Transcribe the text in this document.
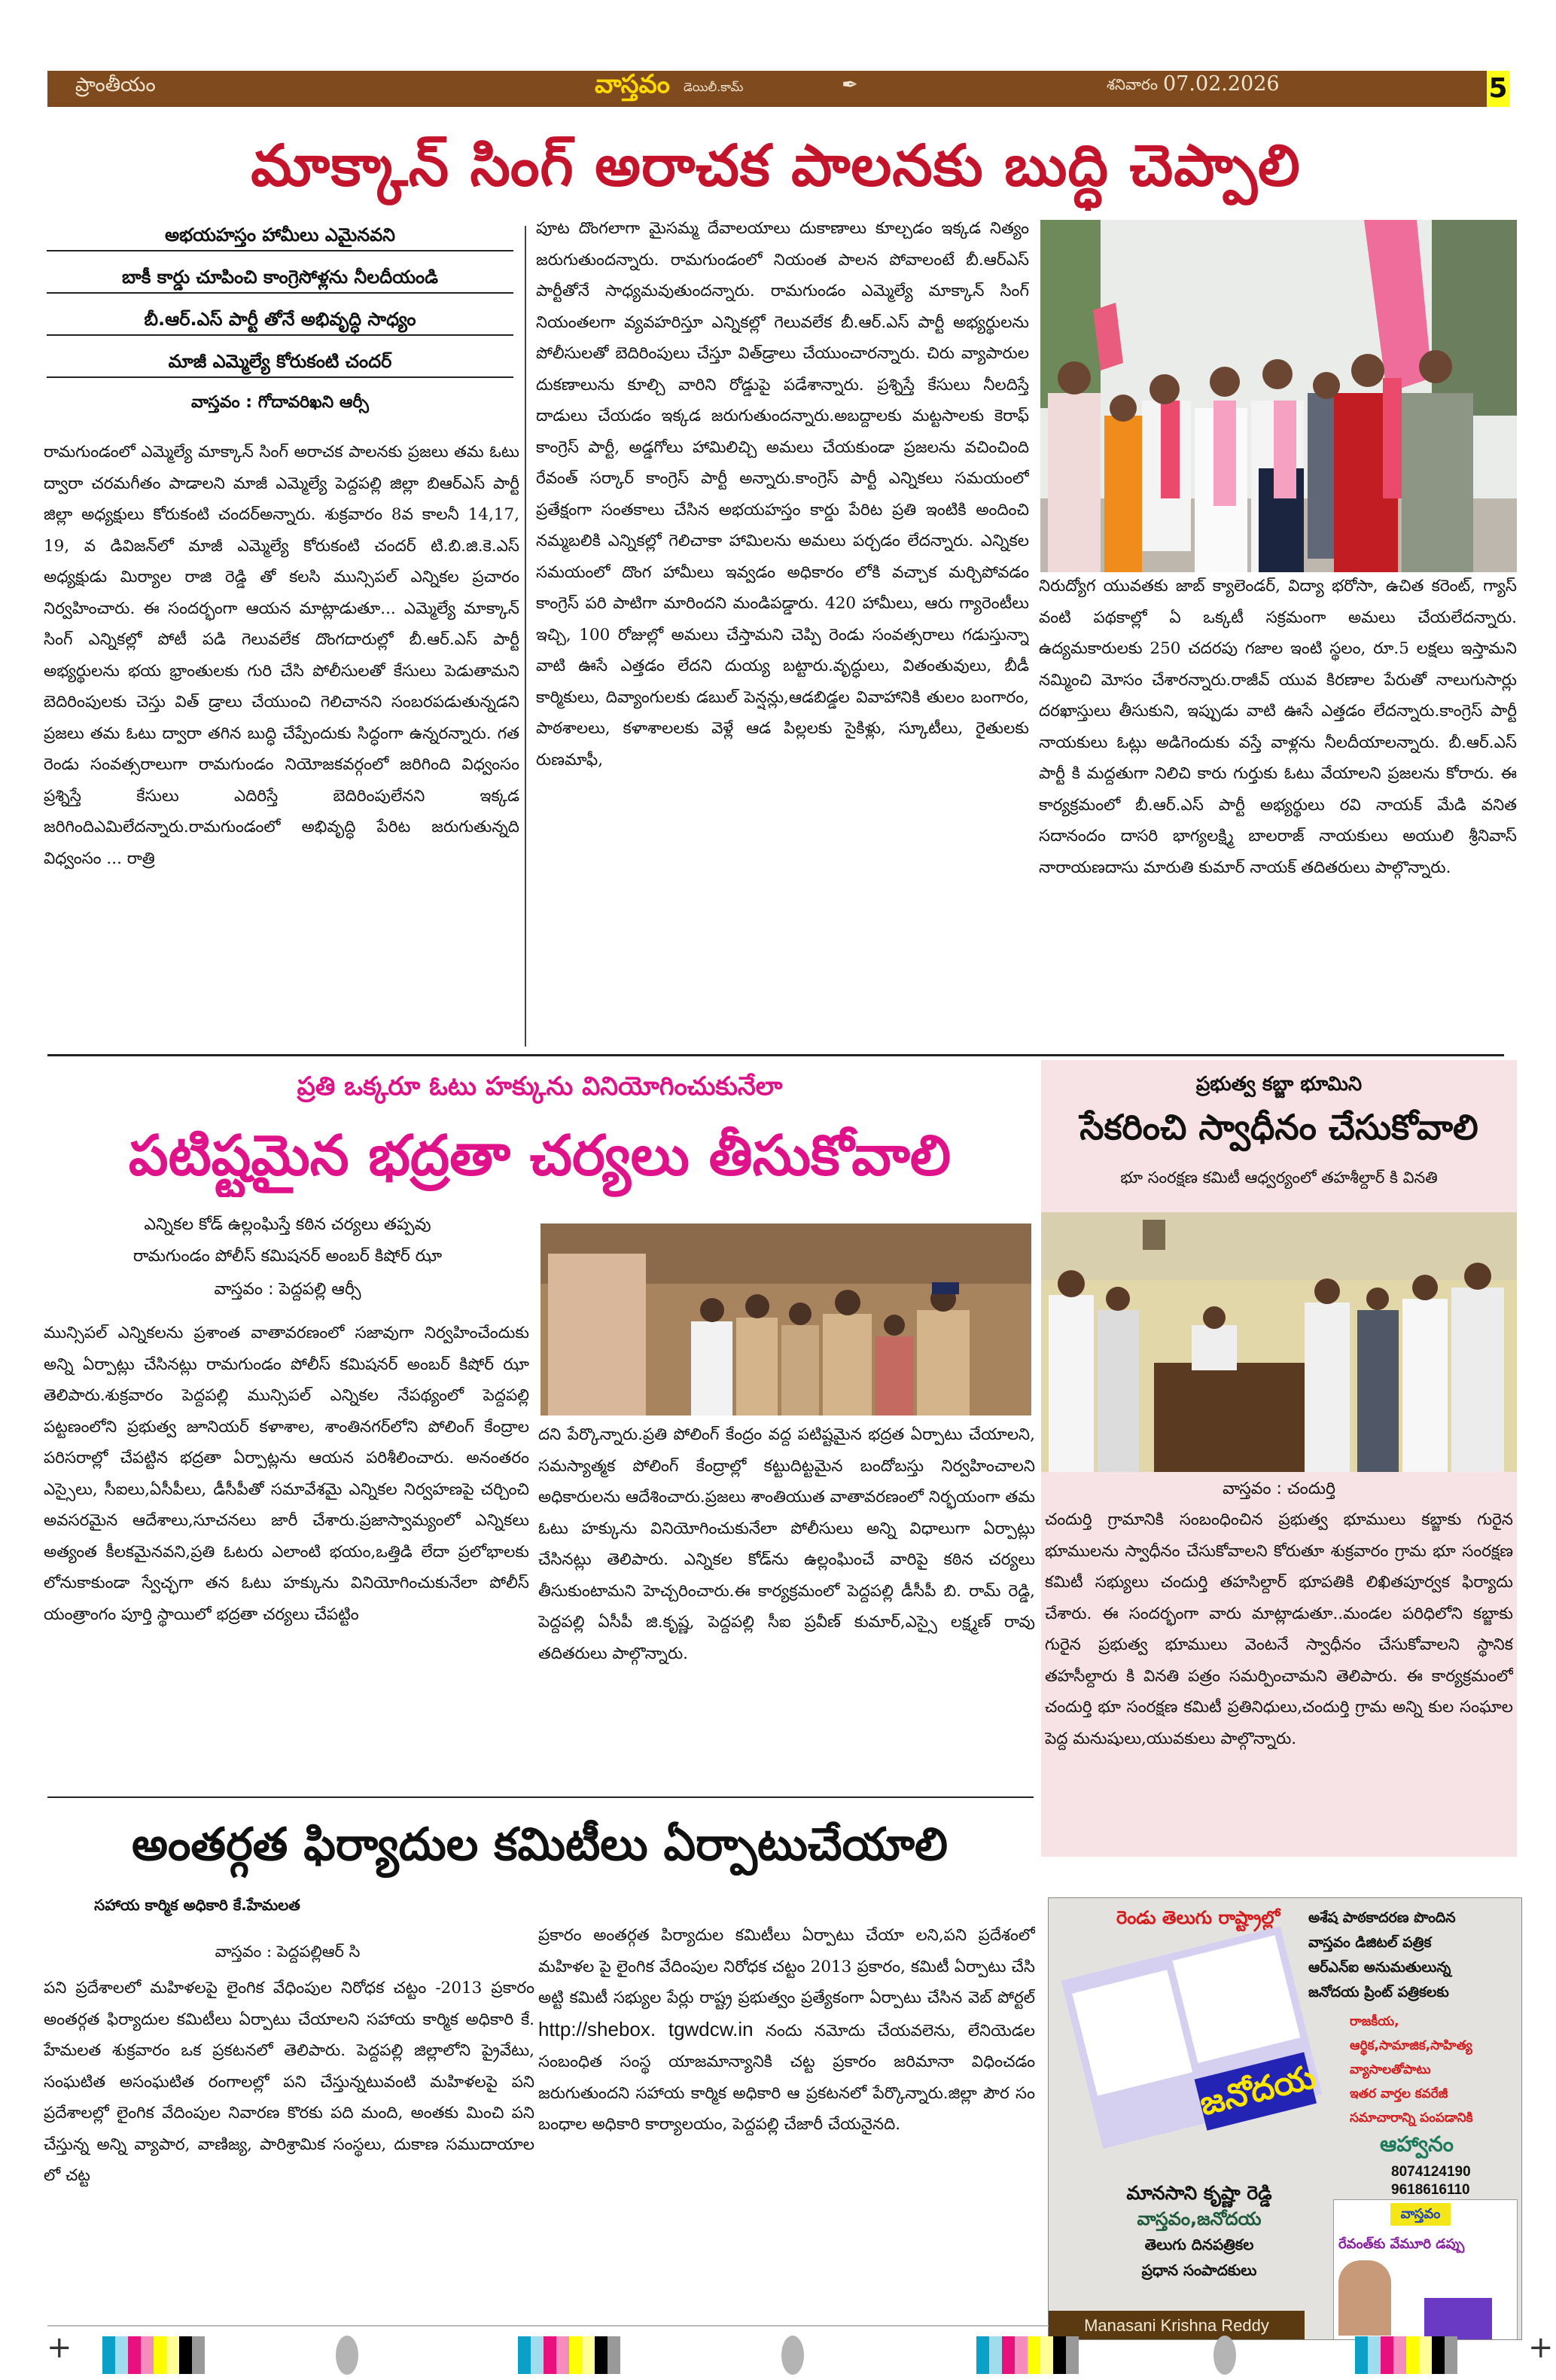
ప్రాంతీయం	వాస్తవం డెయిలీ.కామ్	✒	శనివారం 07.02.2026	5
మాక్కాన్ సింగ్ అరాచక పాలనకు బుద్ధి చెప్పాలి
అభయహస్తం హామీలు ఎమైనవని
బాకీ కార్డు చూపించి కాంగ్రెసోళ్లను నీలదీయండి
బీ.ఆర్.ఎస్ పార్టీ తోనే అభివృద్ధి సాధ్యం
మాజీ ఎమ్మెల్యే కోరుకంటి చందర్
వాస్తవం : గోదావరిఖని ఆర్సీ
రామగుండంలో ఎమ్మెల్యే మాక్కాన్ సింగ్ అరాచక పాలనకు ప్రజలు తమ ఓటు ద్వారా చరమగీతం పాడాలని మాజీ ఎమ్మెల్యే పెద్దపల్లి జిల్లా బిఆర్ఎస్ పార్టీ జిల్లా అధ్యక్షులు కోరుకంటి చందర్అన్నారు. శుక్రవారం 8వ కాలనీ 14,17, 19, వ డివిజన్‌లో మాజీ ఎమ్మెల్యే కోరుకంటి చందర్ టి.బి.జి.కె.ఎస్ అధ్యక్షుడు మిర్యాల రాజి రెడ్డి తో కలసి మున్సిపల్ ఎన్నికల ప్రచారం నిర్వహించారు. ఈ సందర్భంగా ఆయన మాట్లాడుతూ... ఎమ్మెల్యే మాక్కాన్ సింగ్ ఎన్నికల్లో పోటీ పడి గెలువలేక దొంగదారుల్లో బీ.ఆర్.ఎస్ పార్టీ అభ్యర్థులను భయ భ్రాంతులకు గురి చేసి పోలీసులతో కేసులు పెడుతామని బెదిరింపులకు చెస్తు విత్ డ్రాలు చేయుంచి గెలిచానని సంబరపడుతున్నడని ప్రజలు తమ ఓటు ద్వారా తగిన బుద్ధి చేప్పేందుకు సిద్ధంగా ఉన్నరన్నారు. గత రెండు సంవత్సరాలుగా రామగుండం నియోజకవర్గంలో జరిగింది విధ్వంసం ప్రశ్నిస్తే కేసులు ఎదిరిస్తే బెదిరింపులేనని ఇక్కడ జరిగిందిఎమిలేదన్నారు.రామగుండంలో అభివృద్ధి పేరిట జరుగుతున్నది విధ్వంసం ... రాత్రి
పూట దొంగలాగా మైసమ్మ దేవాలయాలు దుకాణాలు కూల్చడం ఇక్కడ నిత్యం జరుగుతుందన్నారు. రామగుండంలో నియంత పాలన పోవాలంటే బీ.ఆర్ఎస్ పార్టీతోనే సాధ్యమవుతుందన్నారు. రామగుండం ఎమ్మెల్యే మాక్కాన్ సింగ్ నియంతలగా వ్యవహరిస్తూ ఎన్నికల్లో గెలువలేక బీ.ఆర్.ఎస్ పార్టీ అభ్యర్థులను పోలీసులతో బెదిరింపులు చేస్తూ విత్‌డ్రాలు చేయుంచారన్నారు. చిరు వ్యాపారుల దుకణాలును కూల్చి వారిని రోడ్డుపై పడేశాన్నారు. ప్రశ్నిస్తే కేసులు నీలదిస్తే దాడులు చేయడం ఇక్కడ జరుగుతుందన్నారు.అబద్దాలకు మట్టసాలకు కెరాఫ్ కాంగ్రెస్ పార్టీ, అడ్డగోలు హామిలిచ్చి అమలు చేయకుండా ప్రజలను వచించింది రేవంత్ సర్కార్ కాంగ్రెస్ పార్టీ అన్నారు.కాంగ్రెస్ పార్టీ ఎన్నికలు సమయంలో ప్రతేక్షంగా సంతకాలు చేసిన అభయహస్తం కార్డు పేరిట ప్రతి ఇంటికి అందించి నమ్మబలికి ఎన్నికల్లో గెలిచాకా హామిలను అమలు పర్చడం లేదన్నారు. ఎన్నికల సమయంలో దొంగ హామీలు ఇవ్వడం అధికారం లోకి వచ్చాక మర్చిపోవడం కాంగ్రెస్ పరి పాటిగా మారిందని మండిపడ్డారు. 420 హామీలు, ఆరు గ్యారెంటీలు ఇచ్చి, 100 రోజుల్లో అమలు చేస్తామని చెప్పి రెండు సంవత్సరాలు గడుస్తున్నా వాటి ఊసే ఎత్తడం లేదని దుయ్య బట్టారు.వృద్ధులు, వితంతువులు, బీడీ కార్మికులు, దివ్యాంగులకు డబుల్ పెన్షన్లు,ఆడబిడ్డల వివాహానికి తులం బంగారం, పాఠశాలలు, కళాశాలలకు వెళ్లే ఆడ పిల్లలకు సైకిళ్లు, స్కూటీలు, రైతులకు రుణమాఫీ,
నిరుద్యోగ యువతకు జాబ్ క్యాలెండర్, విద్యా భరోసా, ఉచిత కరెంట్, గ్యాస్ వంటి పథకాల్లో ఏ ఒక్కటీ సక్రమంగా అమలు చేయలేదన్నారు. ఉద్యమకారులకు 250 చదరపు గజాల ఇంటి స్థలం, రూ.5 లక్షలు ఇస్తామని నమ్మించి మోసం చేశారన్నారు.రాజీవ్ యువ కిరణాల పేరుతో నాలుగుసార్లు దరఖాస్తులు తీసుకుని, ఇప్పుడు వాటి ఊసే ఎత్తడం లేదన్నారు.కాంగ్రెస్ పార్టీ నాయకులు ఓట్లు అడిగెందుకు వస్తే వాళ్లను నీలదీయాలన్నారు. బీ.ఆర్.ఎస్ పార్టీ కి మద్దతుగా నిలిచి కారు గుర్తుకు ఓటు వేయాలని ప్రజలను కోరారు. ఈ కార్యక్రమంలో బీ.ఆర్.ఎస్ పార్టీ అభ్యర్థులు రవి నాయక్ మేడి వనిత సదానందం దాసరి భాగ్యలక్ష్మి బాలరాజ్ నాయకులు అయులి శ్రీనివాస్ నారాయణదాసు మారుతి కుమార్ నాయక్ తదితరులు పాల్గొన్నారు.
ప్రతి ఒక్కరూ ఓటు హక్కును వినియోగించుకునేలా
పటిష్టమైన భద్రతా చర్యలు తీసుకోవాలి
ఎన్నికల కోడ్ ఉల్లంఘిస్తే కఠిన చర్యలు తప్పవు
రామగుండం పోలీస్ కమిషనర్ అంబర్ కిషోర్ ఝా
వాస్తవం : పెద్దపల్లి ఆర్సీ
మున్సిపల్ ఎన్నికలను ప్రశాంత వాతావరణంలో సజావుగా నిర్వహించేందుకు అన్ని ఏర్పాట్లు చేసినట్లు రామగుండం పోలీస్ కమిషనర్ అంబర్ కిషోర్ ఝా తెలిపారు.శుక్రవారం పెద్దపల్లి మున్సిపల్ ఎన్నికల నేపథ్యంలో పెద్దపల్లి పట్టణంలోని ప్రభుత్వ జూనియర్ కళాశాల, శాంతినగర్‌లోని పోలింగ్ కేంద్రాల పరిసరాల్లో చేపట్టిన భద్రతా ఏర్పాట్లను ఆయన పరిశీలించారు. అనంతరం ఎస్సైలు, సీఐలు,ఏసీపీలు, డీసీపీతో సమావేశమై ఎన్నికల నిర్వహణపై చర్చించి అవసరమైన ఆదేశాలు,సూచనలు జారీ చేశారు.ప్రజాస్వామ్యంలో ఎన్నికలు అత్యంత కీలకమైనవని,ప్రతి ఓటరు ఎలాంటి భయం,ఒత్తిడి లేదా ప్రలోభాలకు లోనుకాకుండా స్వేచ్ఛగా తన ఓటు హక్కును వినియోగించుకునేలా పోలీస్ యంత్రాంగం పూర్తి స్థాయిలో భద్రతా చర్యలు చేపట్టిం
దని పేర్కొన్నారు.ప్రతి పోలింగ్ కేంద్రం వద్ద పటిష్టమైన భద్రత ఏర్పాటు చేయాలని, సమస్యాత్మక పోలింగ్ కేంద్రాల్లో కట్టుదిట్టమైన బందోబస్తు నిర్వహించాలని అధికారులను ఆదేశించారు.ప్రజలు శాంతియుత వాతావరణంలో నిర్భయంగా తమ ఓటు హక్కును వినియోగించుకునేలా పోలీసులు అన్ని విధాలుగా ఏర్పాట్లు చేసినట్లు తెలిపారు. ఎన్నికల కోడ్‌ను ఉల్లంఘించే వారిపై కఠిన చర్యలు తీసుకుంటామని హెచ్చరించారు.ఈ కార్యక్రమంలో పెద్దపల్లి డీసీపీ బి. రామ్ రెడ్డి, పెద్దపల్లి ఏసీపీ జి.కృష్ణ, పెద్దపల్లి సీఐ ప్రవీణ్ కుమార్,ఎస్సై లక్ష్మణ్ రావు తదితరులు పాల్గొన్నారు.
ప్రభుత్వ కబ్జా భూమిని
సేకరించి స్వాధీనం చేసుకోవాలి
భూ సంరక్షణ కమిటీ ఆధ్వర్యంలో తహశీల్దార్ కి వినతి
వాస్తవం : చందుర్తి
చందుర్తి గ్రామానికి సంబంధించిన ప్రభుత్వ భూములు కబ్జాకు గురైన భూములను స్వాధీనం చేసుకోవాలని కోరుతూ శుక్రవారం గ్రామ భూ సంరక్షణ కమిటీ సభ్యులు చందుర్తి తహసిల్దార్ భూపతికి లిఖితపూర్వక ఫిర్యాదు చేశారు. ఈ సందర్భంగా వారు మాట్లాడుతూ..మండల పరిధిలోని కబ్జాకు గురైన ప్రభుత్వ భూములు వెంటనే స్వాధీనం చేసుకోవాలని స్థానిక తహసీల్దారు కి వినతి పత్రం సమర్పించామని తెలిపారు. ఈ కార్యక్రమంలో చందుర్తి భూ సంరక్షణ కమిటీ ప్రతినిధులు,చందుర్తి గ్రామ అన్ని కుల సంఘాల పెద్ద మనుషులు,యువకులు పాల్గొన్నారు.
అంతర్గత ఫిర్యాదుల కమిటీలు ఏర్పాటుచేయాలి
సహాయ కార్మిక అధికారి కే.హేమలత
వాస్తవం : పెద్దపల్లిఆర్ సి
పని ప్రదేశాలలో మహిళలపై లైంగిక వేధింపుల నిరోధక చట్టం -2013 ప్రకారం అంతర్గత ఫిర్యాదుల కమిటీలు ఏర్పాటు చేయాలని సహాయ కార్మిక అధికారి కే. హేమలత శుక్రవారం ఒక ప్రకటనలో తెలిపారు. పెద్దపల్లి జిల్లాలోని ప్రైవేటు, సంఘటిత అసంఘటిత రంగాలల్లో పని చేస్తున్నటువంటి మహిళలపై పని ప్రదేశాలల్లో లైంగిక వేదింపుల నివారణ కొరకు పది మంది, అంతకు మించి పని చేస్తున్న అన్ని వ్యాపార, వాణిజ్య, పారిశ్రామిక సంస్థలు, దుకాణ సముదాయాల లో చట్ట
ప్రకారం అంతర్గత పిర్యాదుల కమిటీలు ఏర్పాటు చేయా లని,పని ప్రదేశంలో మహిళల పై లైంగిక వేదింపుల నిరోధక చట్టం 2013 ప్రకారం, కమిటీ ఏర్పాటు చేసి అట్టి కమిటీ సభ్యుల పేర్లు రాష్ట్ర ప్రభుత్వం ప్రత్యేకంగా ఏర్పాటు చేసిన వెబ్ పోర్టల్ http://shebox. tgwdcw.in నందు నమోదు చేయవలెను, లేనియెడల సంబంధిత సంస్థ యాజమాన్యానికి చట్ట ప్రకారం జరిమానా విధించడం జరుగుతుందని సహాయ కార్మిక అధికారి ఆ ప్రకటనలో పేర్కొన్నారు.జిల్లా పౌర సం బంధాల అధికారి కార్యాలయం, పెద్దపల్లి చేజారీ చేయనైనది.
రెండు తెలుగు రాష్ట్రాల్లో అశేష పాఠకాదరణ పొందిన
వాస్తవం డిజిటల్ పత్రిక
ఆర్ఎన్ఐ అనుమతులున్న
జనోదయ ప్రింట్ పత్రికలకు
రాజకీయ,
ఆర్థిక,సామాజిక,సాహిత్య
వ్యాసాలతోపాటు
ఇతర వార్తల కవరేజీ
సమాచారాన్ని పంపడానికి
ఆహ్వానం
8074124190
9618616110
జనోదయ
మానసాని కృష్ణా రెడ్డి
వాస్తవం,జనోదయ
తెలుగు దినపత్రికల
ప్రధాన సంపాదకులు
వాస్తవం
రేవంత్‌కు వేమూరి డప్పు
Manasani Krishna Reddy
+	+
